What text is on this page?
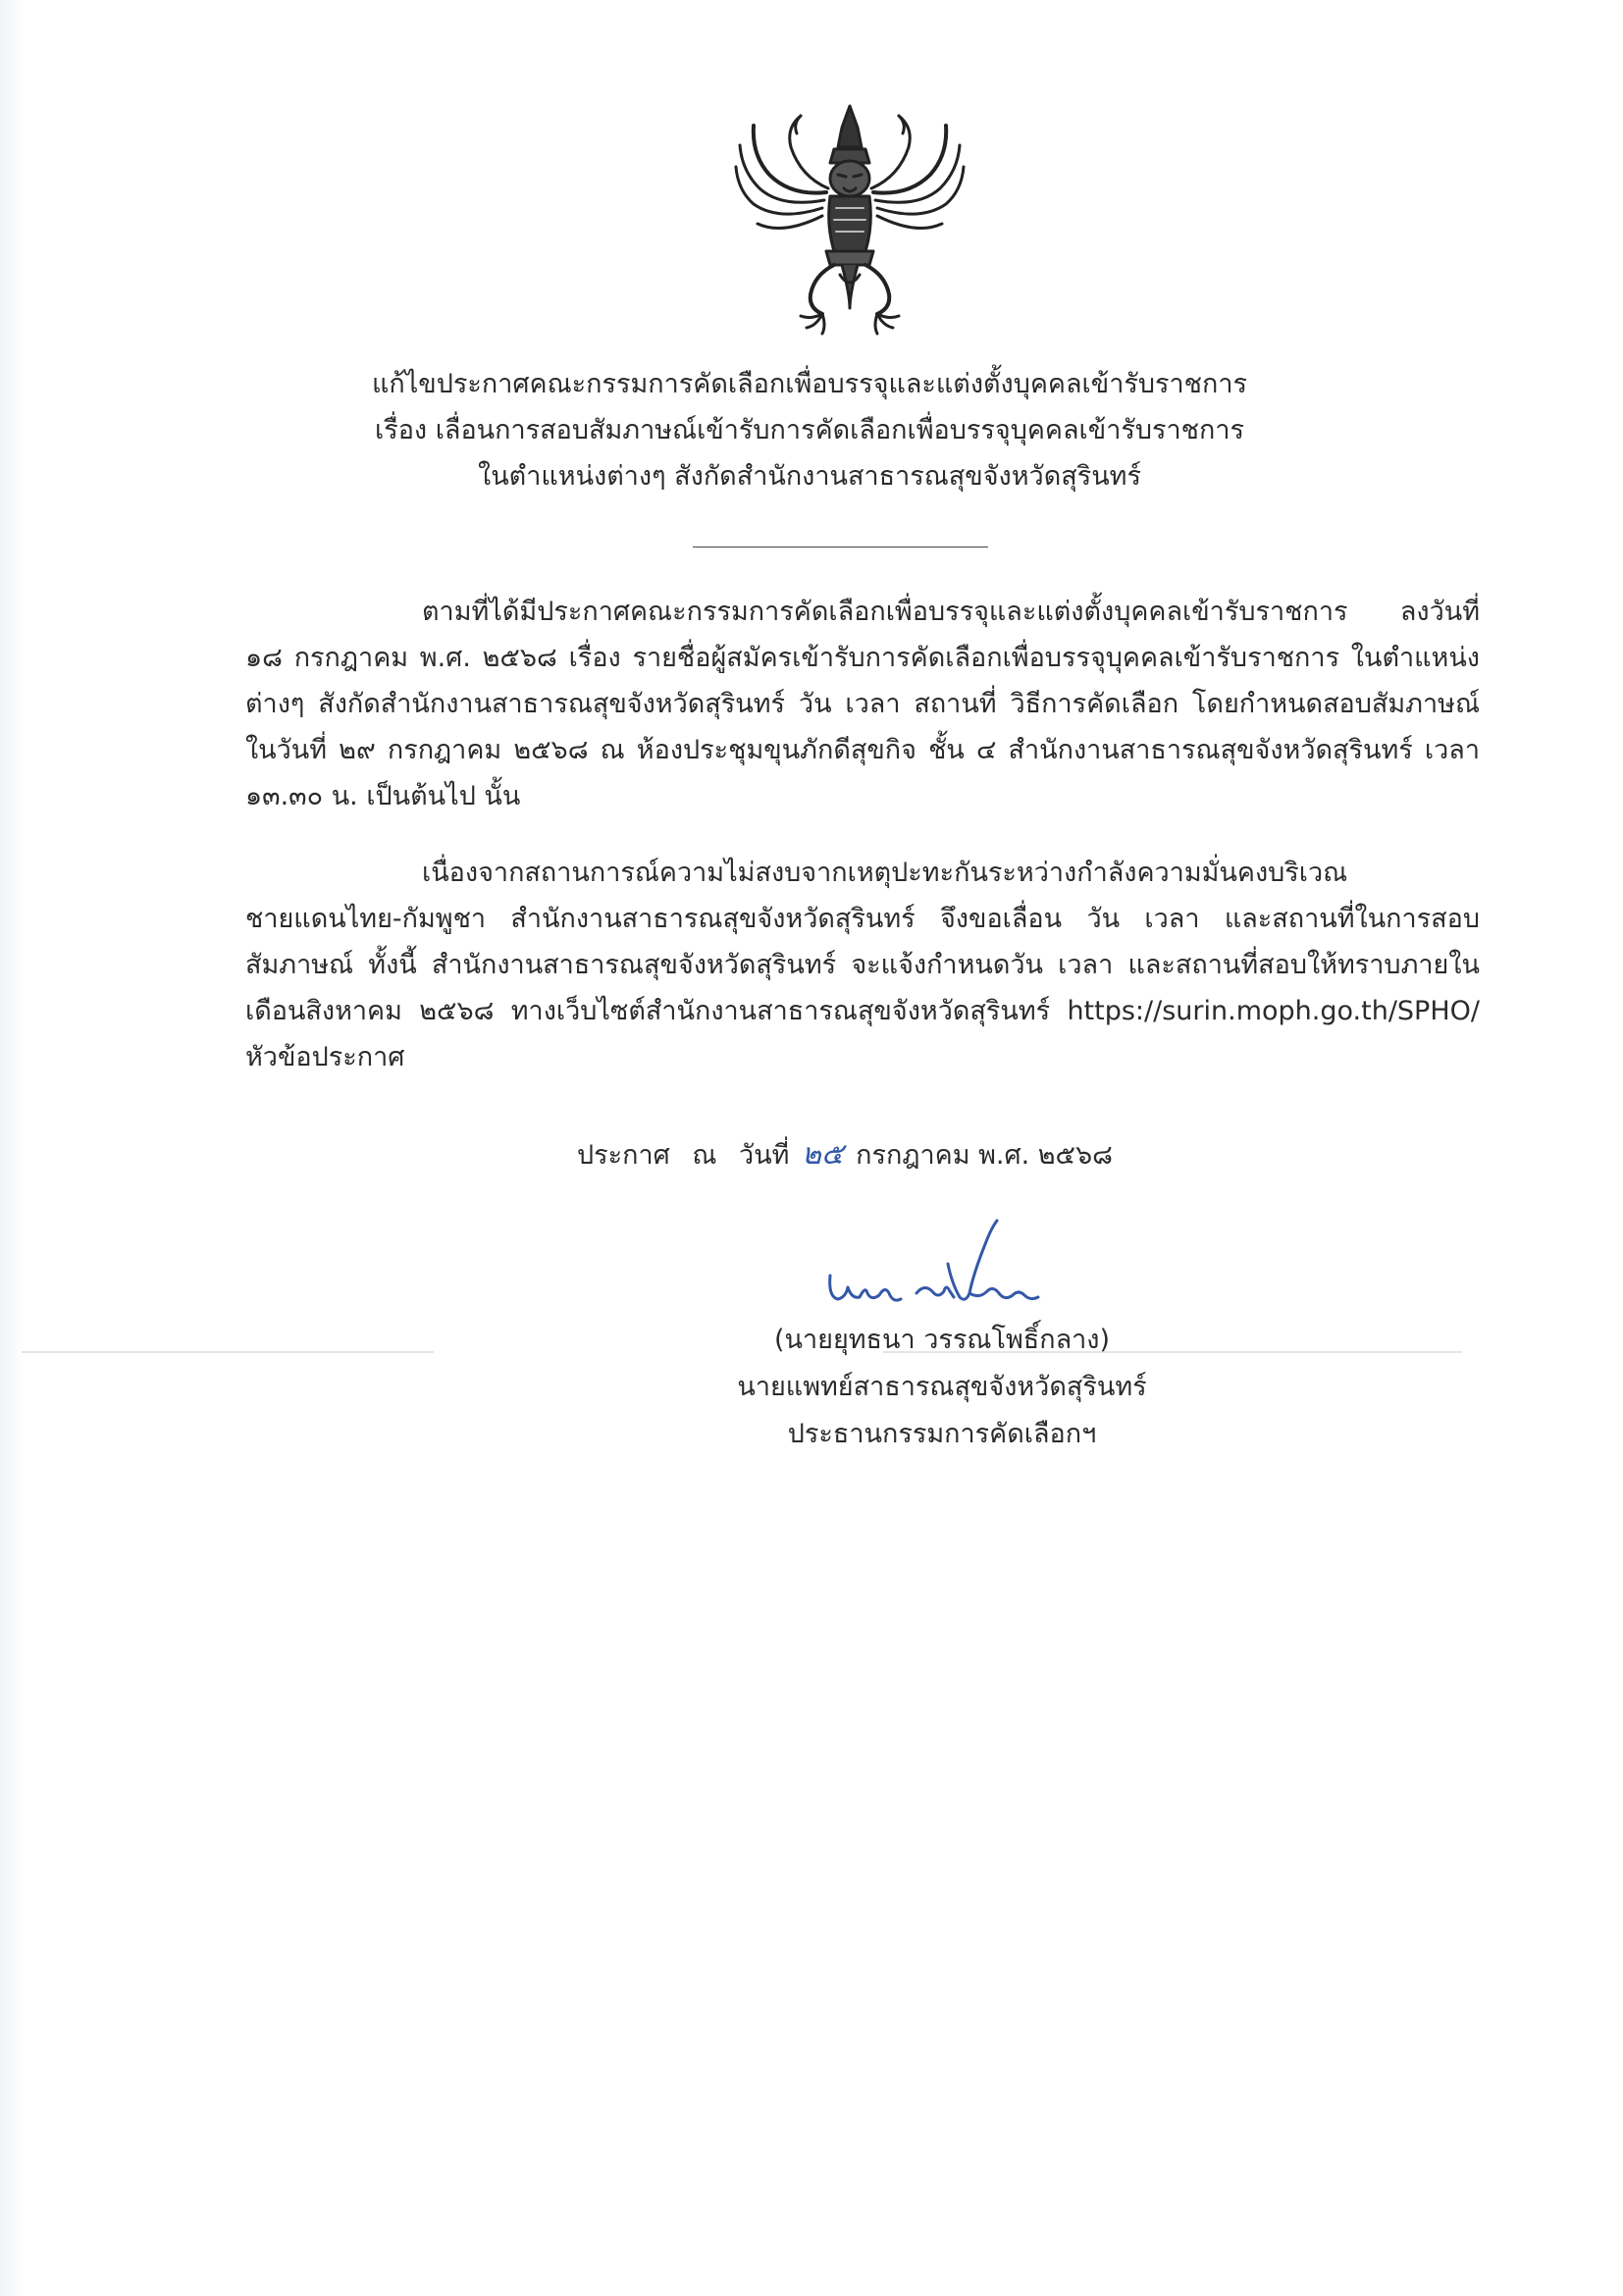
แก้ไขประกาศคณะกรรมการคัดเลือกเพื่อบรรจุและแต่งตั้งบุคคลเข้ารับราชการ
เรื่อง เลื่อนการสอบสัมภาษณ์เข้ารับการคัดเลือกเพื่อบรรจุบุคคลเข้ารับราชการ
ในตำแหน่งต่างๆ สังกัดสำนักงานสาธารณสุขจังหวัดสุรินทร์
ตามที่ได้มีประกาศคณะกรรมการคัดเลือกเพื่อบรรจุและแต่งตั้งบุคคลเข้ารับราชการ ลงวันที่
๑๘ กรกฎาคม พ.ศ. ๒๕๖๘ เรื่อง รายชื่อผู้สมัครเข้ารับการคัดเลือกเพื่อบรรจุบุคคลเข้ารับราชการ ในตำแหน่ง
ต่างๆ สังกัดสำนักงานสาธารณสุขจังหวัดสุรินทร์ วัน เวลา สถานที่ วิธีการคัดเลือก โดยกำหนดสอบสัมภาษณ์
ในวันที่ ๒๙ กรกฎาคม ๒๕๖๘ ณ ห้องประชุมขุนภักดีสุขกิจ ชั้น ๔ สำนักงานสาธารณสุขจังหวัดสุรินทร์ เวลา
๑๓.๓๐ น. เป็นต้นไป นั้น
เนื่องจากสถานการณ์ความไม่สงบจากเหตุปะทะกันระหว่างกำลังความมั่นคงบริเวณ
ชายแดนไทย-กัมพูชา สำนักงานสาธารณสุขจังหวัดสุรินทร์ จึงขอเลื่อน วัน เวลา และสถานที่ในการสอบ
สัมภาษณ์ ทั้งนี้ สำนักงานสาธารณสุขจังหวัดสุรินทร์ จะแจ้งกำหนดวัน เวลา และสถานที่สอบให้ทราบภายใน
เดือนสิงหาคม ๒๕๖๘ ทางเว็บไซต์สำนักงานสาธารณสุขจังหวัดสุรินทร์ https://surin.moph.go.th/SPHO/
หัวข้อประกาศ
ประกาศ ณ วันที่ ๒๕ กรกฎาคม พ.ศ. ๒๕๖๘
(นายยุทธนา วรรณโพธิ์กลาง)
นายแพทย์สาธารณสุขจังหวัดสุรินทร์
ประธานกรรมการคัดเลือกฯ
